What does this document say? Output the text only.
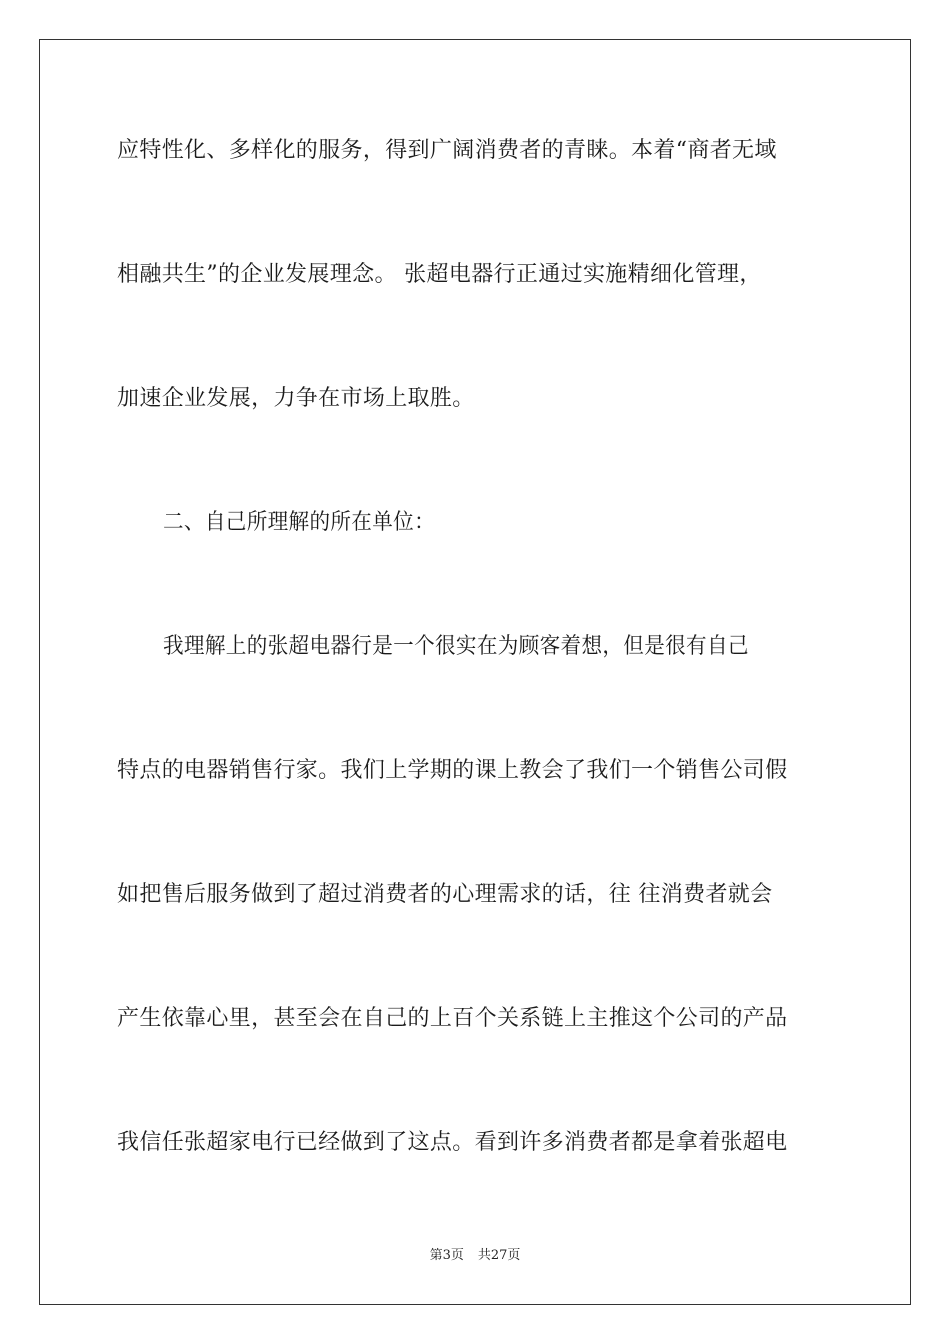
应特性化、多样化的服务，得到广阔消费者的青睐。本着“商者无域
相融共生”的企业发展理念。 张超电器行正通过实施精细化管理，
加速企业发展，力争在市场上取胜。
二、自己所理解的所在单位：
我理解上的张超电器行是一个很实在为顾客着想，但是很有自己
特点的电器销售行家。我们上学期的课上教会了我们一个销售公司假
如把售后服务做到了超过消费者的心理需求的话，往 往消费者就会
产生依靠心里，甚至会在自己的上百个关系链上主推这个公司的产品
我信任张超家电行已经做到了这点。看到许多消费者都是拿着张超电
第3页 共27页
